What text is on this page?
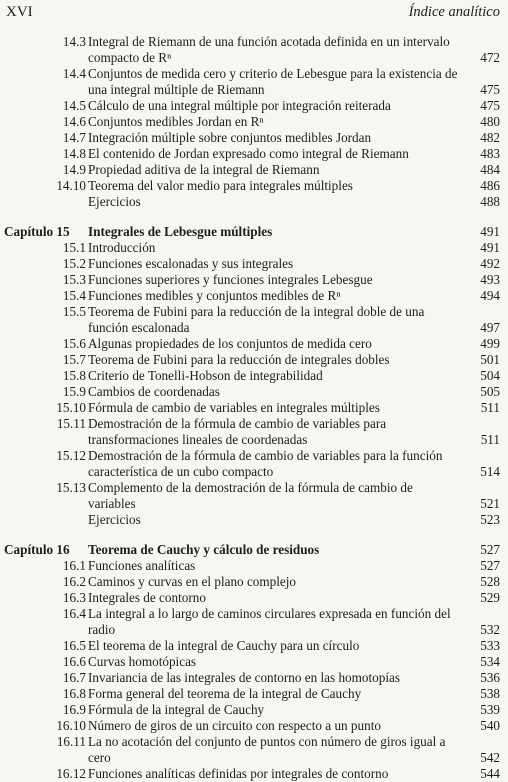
XVI	Índice analítico
14.3 Integral de Riemann de una función acotada definida en un intervalo compacto de Rⁿ	472
14.4 Conjuntos de medida cero y criterio de Lebesgue para la existencia de una integral múltiple de Riemann	475
14.5 Cálculo de una integral múltiple por integración reiterada	475
14.6 Conjuntos medibles Jordan en Rⁿ	480
14.7 Integración múltiple sobre conjuntos medibles Jordan	482
14.8 El contenido de Jordan expresado como integral de Riemann	483
14.9 Propiedad aditiva de la integral de Riemann	484
14.10 Teorema del valor medio para integrales múltiples	486
Ejercicios	488
Capítulo 15 Integrales de Lebesgue múltiples	491
15.1 Introducción	491
15.2 Funciones escalonadas y sus integrales	492
15.3 Funciones superiores y funciones integrales Lebesgue	493
15.4 Funciones medibles y conjuntos medibles de Rⁿ	494
15.5 Teorema de Fubini para la reducción de la integral doble de una función escalonada	497
15.6 Algunas propiedades de los conjuntos de medida cero	499
15.7 Teorema de Fubini para la reducción de integrales dobles	501
15.8 Criterio de Tonelli-Hobson de integrabilidad	504
15.9 Cambios de coordenadas	505
15.10 Fórmula de cambio de variables en integrales múltiples	511
15.11 Demostración de la fórmula de cambio de variables para transformaciones lineales de coordenadas	511
15.12 Demostración de la fórmula de cambio de variables para la función característica de un cubo compacto	514
15.13 Complemento de la demostración de la fórmula de cambio de variables	521
Ejercicios	523
Capítulo 16 Teorema de Cauchy y cálculo de residuos	527
16.1 Funciones analíticas	527
16.2 Caminos y curvas en el plano complejo	528
16.3 Integrales de contorno	529
16.4 La integral a lo largo de caminos circulares expresada en función del radio	532
16.5 El teorema de la integral de Cauchy para un círculo	533
16.6 Curvas homotópicas	534
16.7 Invariancia de las integrales de contorno en las homotopías	536
16.8 Forma general del teorema de la integral de Cauchy	538
16.9 Fórmula de la integral de Cauchy	539
16.10 Número de giros de un circuito con respecto a un punto	540
16.11 La no acotación del conjunto de puntos con número de giros igual a cero	542
16.12 Funciones analíticas definidas por integrales de contorno	544
